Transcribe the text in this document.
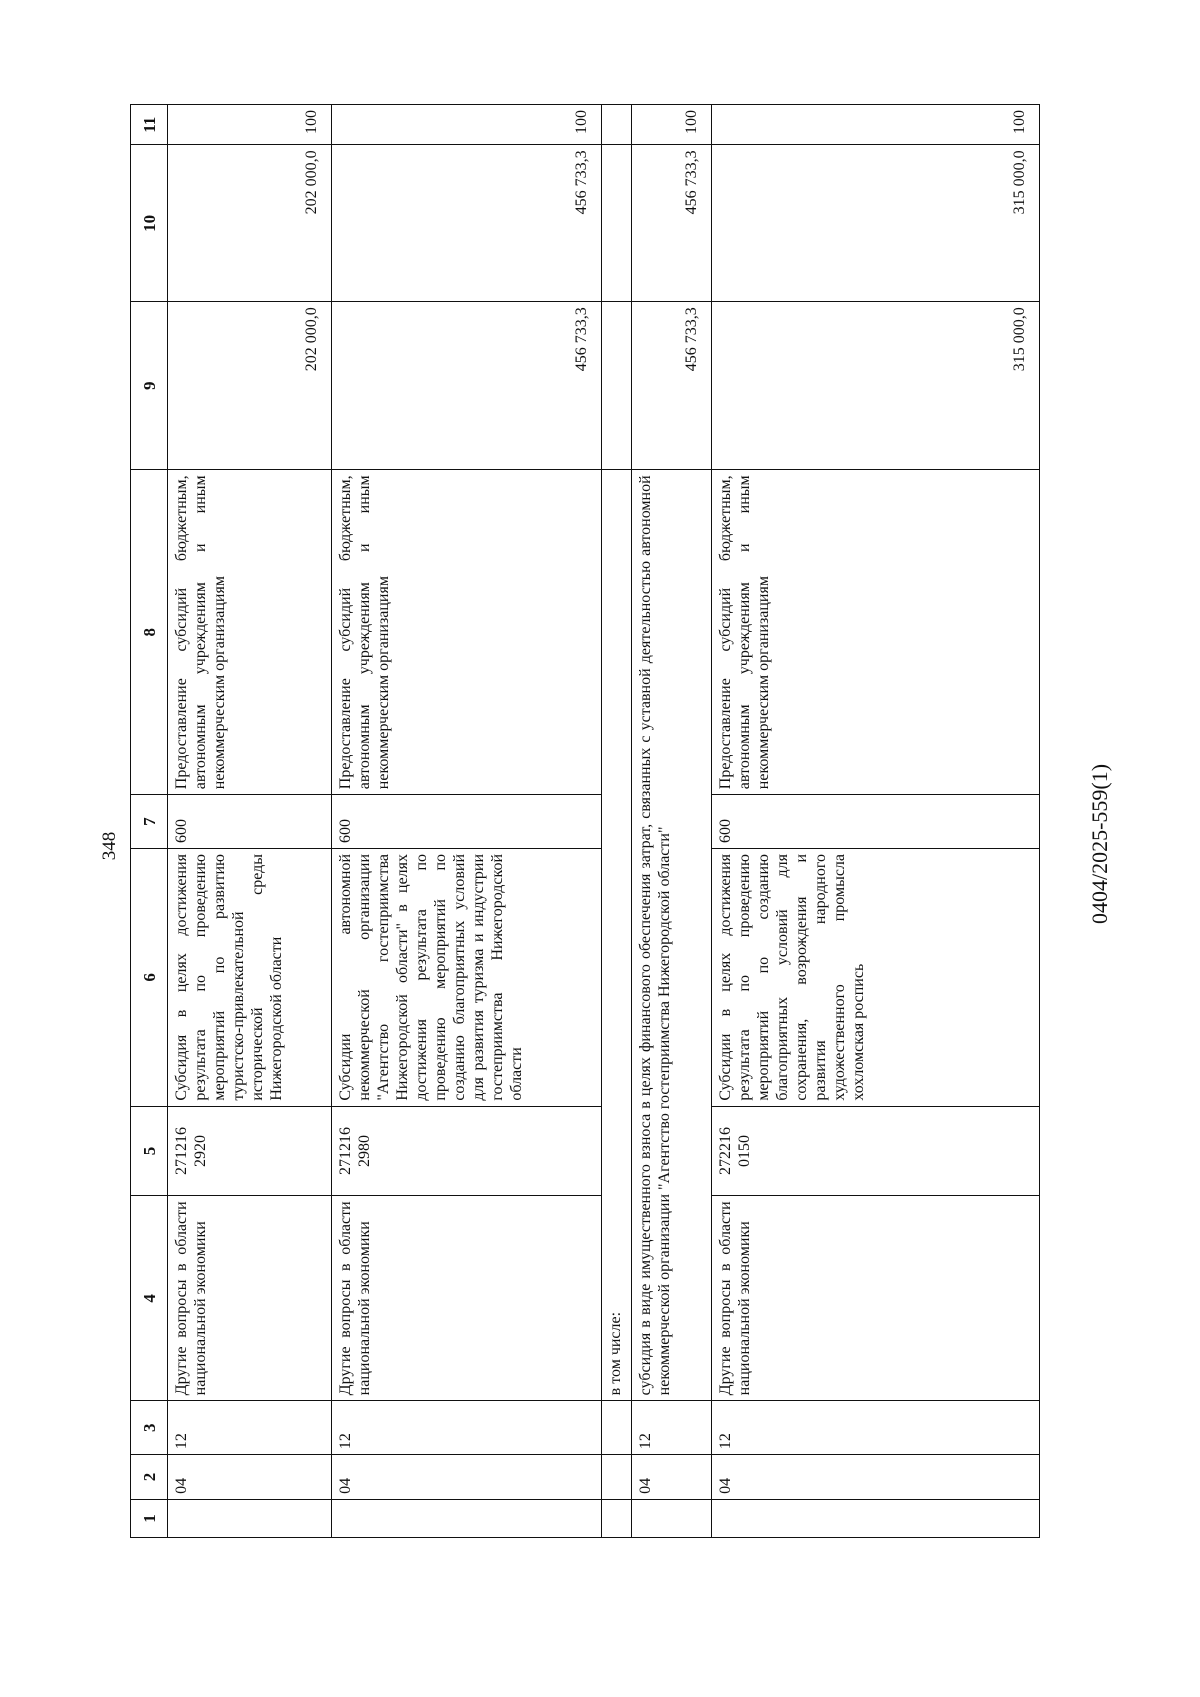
348	0404/2025-559(1)
1	2	3	4	5	6	7	8	9	10	11
	04	12	Другие вопросы в области национальной экономики	271216 2920	Субсидия в целях достижения результата по проведению мероприятий по развитию туристско-привлекательной исторической среды Нижегородской области	600	Предоставление субсидий бюджетным, автономным учреждениям и иным некоммерческим организациям	202 000,0	202 000,0	100
	04	12	Другие вопросы в области национальной экономики	271216 2980	Субсидии автономной некоммерческой организации "Агентство гостеприимства Нижегородской области" в целях достижения результата по проведению мероприятий по созданию благоприятных условий для развития туризма и индустрии гостеприимства Нижегородской области	600	Предоставление субсидий бюджетным, автономным учреждениям и иным некоммерческим организациям	456 733,3	456 733,3	100
			в том числе:							
	04	12	субсидия в виде имущественного взноса в целях финансового обеспечения затрат, связанных с уставной деятельностью автономной некоммерческой организации "Агентство гостеприимства Нижегородской области"					456 733,3	456 733,3	100
	04	12	Другие вопросы в области национальной экономики	272216 0150	Субсидии в целях достижения результата по проведению мероприятий по созданию благоприятных условий для сохранения, возрождения и развития народного художественного промысла хохломская роспись	600	Предоставление субсидий бюджетным, автономным учреждениям и иным некоммерческим организациям	315 000,0	315 000,0	100
